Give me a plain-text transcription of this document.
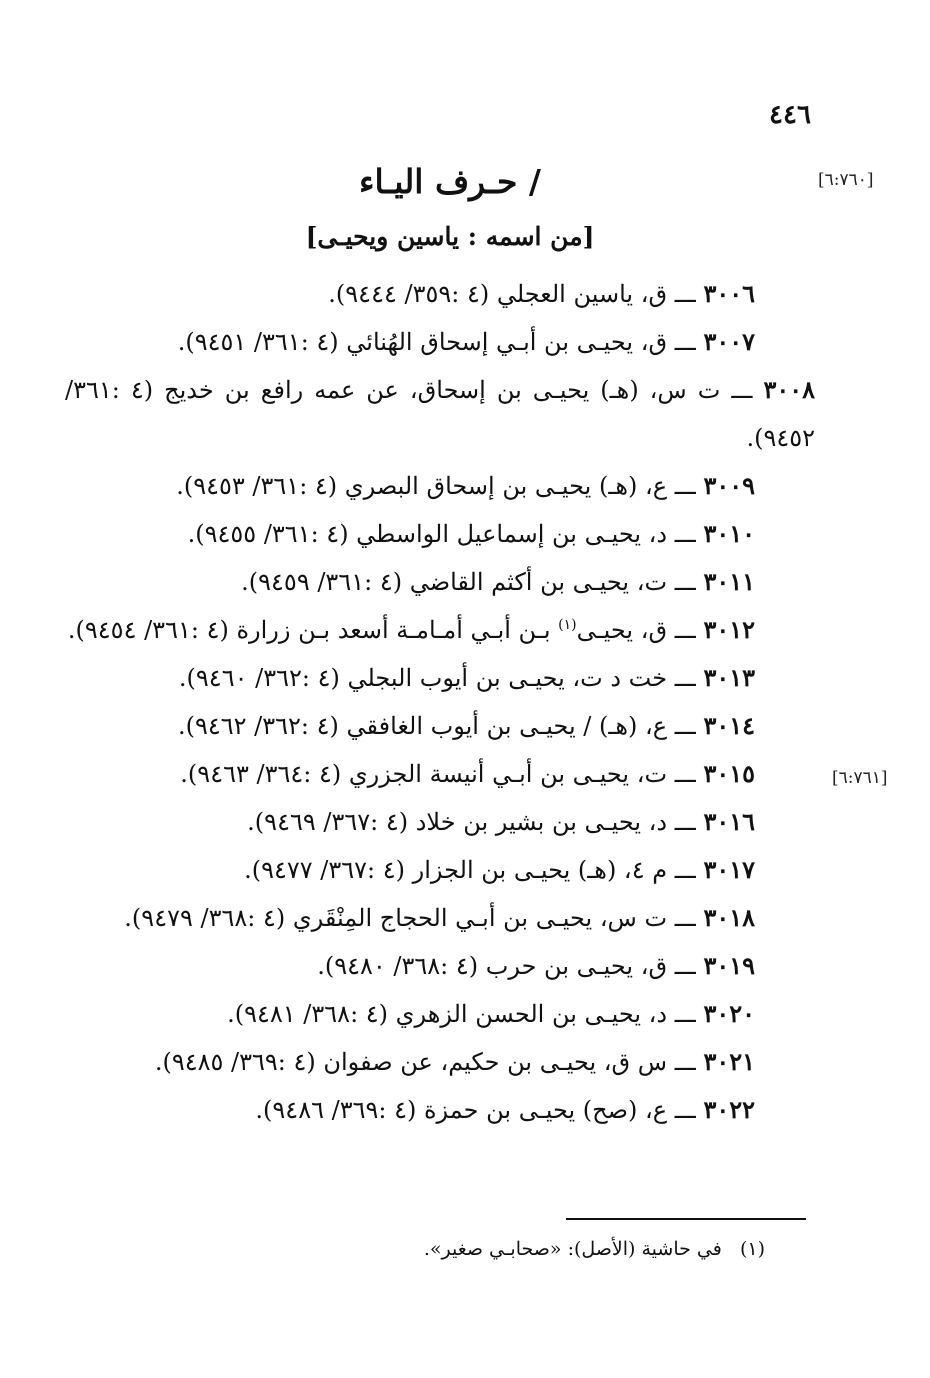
٤٤٦
[٦:٧٦٠]
[٦:٧٦١]
/ حـرف اليـاء
[من اسمه : ياسين ويحيـى]
٣٠٠٦ ـــ ق، ياسين العجلي (٤ :٣٥٩/ ٩٤٤٤).
٣٠٠٧ ـــ ق، يحيـى بن أبـي إسحاق الهُنائي (٤ :٣٦١/ ٩٤٥١).
٣٠٠٨ ـــ ت س، (هـ) يحيـى بن إسحاق، عن عمه رافع بن خديج (٤ :٣٦١/ ٩٤٥٢).
٣٠٠٩ ـــ ع، (هـ) يحيـى بن إسحاق البصري (٤ :٣٦١/ ٩٤٥٣).
٣٠١٠ ـــ د، يحيـى بن إسماعيل الواسطي (٤ :٣٦١/ ٩٤٥٥).
٣٠١١ ـــ ت، يحيـى بن أكثم القاضي (٤ :٣٦١/ ٩٤٥٩).
٣٠١٢ ـــ ق، يحيـى$^{(١)}$ بـن أبـي أمـامـة أسعد بـن زرارة (٤ :٣٦١/ ٩٤٥٤).
٣٠١٣ ـــ خت د ت، يحيـى بن أيوب البجلي (٤ :٣٦٢/ ٩٤٦٠).
٣٠١٤ ـــ ع، (هـ) / يحيـى بن أيوب الغافقي (٤ :٣٦٢/ ٩٤٦٢).
٣٠١٥ ـــ ت، يحيـى بن أبـي أنيسة الجزري (٤ :٣٦٤/ ٩٤٦٣).
٣٠١٦ ـــ د، يحيـى بن بشير بن خلاد (٤ :٣٦٧/ ٩٤٦٩).
٣٠١٧ ـــ م ٤، (هـ) يحيـى بن الجزار (٤ :٣٦٧/ ٩٤٧٧).
٣٠١٨ ـــ ت س، يحيـى بن أبـي الحجاج المِنْقَري (٤ :٣٦٨/ ٩٤٧٩).
٣٠١٩ ـــ ق، يحيـى بن حرب (٤ :٣٦٨/ ٩٤٨٠).
٣٠٢٠ ـــ د، يحيـى بن الحسن الزهري (٤ :٣٦٨/ ٩٤٨١).
٣٠٢١ ـــ س ق، يحيـى بن حكيم، عن صفوان (٤ :٣٦٩/ ٩٤٨٥).
٣٠٢٢ ـــ ع، (صح) يحيـى بن حمزة (٤ :٣٦٩/ ٩٤٨٦).
(١)   في حاشية (الأصل): «صحابـي صغير».
